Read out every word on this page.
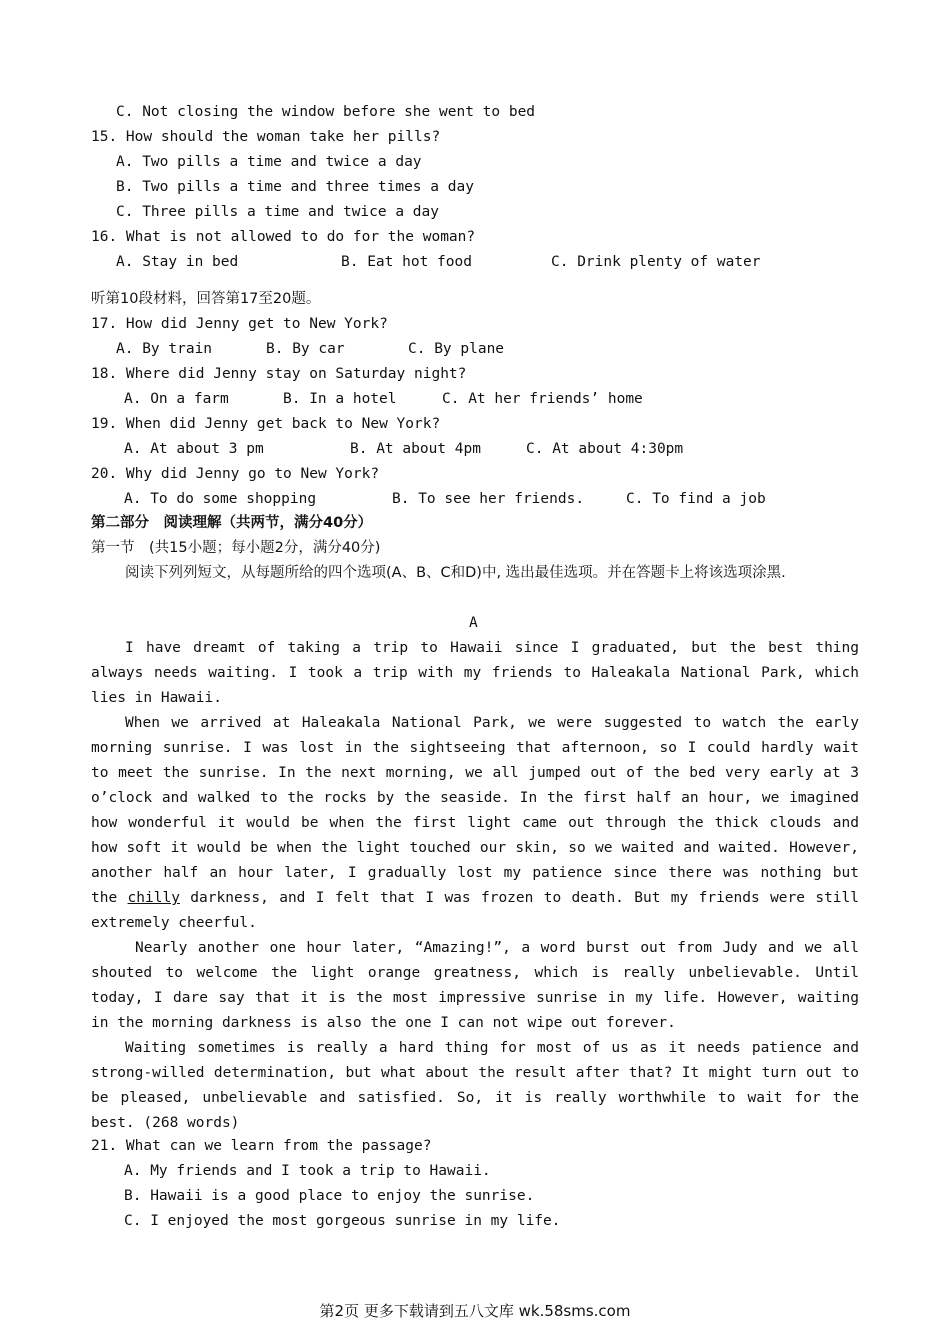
C. Not closing the window before she went to bed
15. How should the woman take her pills?
A. Two pills a time and twice a day
B. Two pills a time and three times a day
C. Three pills a time and twice a day
16. What is not allowed to do for the woman?
A. Stay in bed	B. Eat hot food	C. Drink plenty of water
听第10段材料，回答第17至20题。
17. How did Jenny get to New York?
A. By train	B. By car	C. By plane
18. Where did Jenny stay on Saturday night?
A. On a farm	B. In a hotel	C. At her friends’ home
19. When did Jenny get back to New York?
A. At about 3 pm	B. At about 4pm	C. At about 4:30pm
20. Why did Jenny go to New York?
A. To do some shopping	B. To see her friends.	C. To find a job
第二部分　阅读理解（共两节，满分40分）
第一节　(共15小题；每小题2分，满分40分)

阅读下列列短文，从每题所给的四个选项(A、B、C和D)中, 选出最佳选项。并在答题卡上将该选项涂黑.

A

I have dreamt of taking a trip to Hawaii since I graduated, but the best thing always needs waiting. I took a trip with my friends to Haleakala National Park, which lies in Hawaii.

When we arrived at Haleakala National Park, we were suggested to watch the early morning sunrise. I was lost in the sightseeing that afternoon, so I could hardly wait to meet the sunrise. In the next morning, we all jumped out of the bed very early at 3 o’clock and walked to the rocks by the seaside. In the first half an hour, we imagined how wonderful it would be when the first light came out through the thick clouds and how soft it would be when the light touched our skin, so we waited and waited. However, another half an hour later, I gradually lost my patience since there was nothing but the chilly darkness, and I felt that I was frozen to death. But my friends were still extremely cheerful.

Nearly another one hour later, “Amazing!”, a word burst out from Judy and we all shouted to welcome the light orange greatness, which is really unbelievable. Until today, I dare say that it is the most impressive sunrise in my life. However, waiting in the morning darkness is also the one I can not wipe out forever.

Waiting sometimes is really a hard thing for most of us as it needs patience and strong-willed determination, but what about the result after that? It might turn out to be pleased, unbelievable and satisfied. So, it is really worthwhile to wait for the best. (268 words)

21. What can we learn from the passage?
A. My friends and I took a trip to Hawaii.
B. Hawaii is a good place to enjoy the sunrise.
C. I enjoyed the most gorgeous sunrise in my life.
第2页 更多下载请到五八文库 wk.58sms.com
